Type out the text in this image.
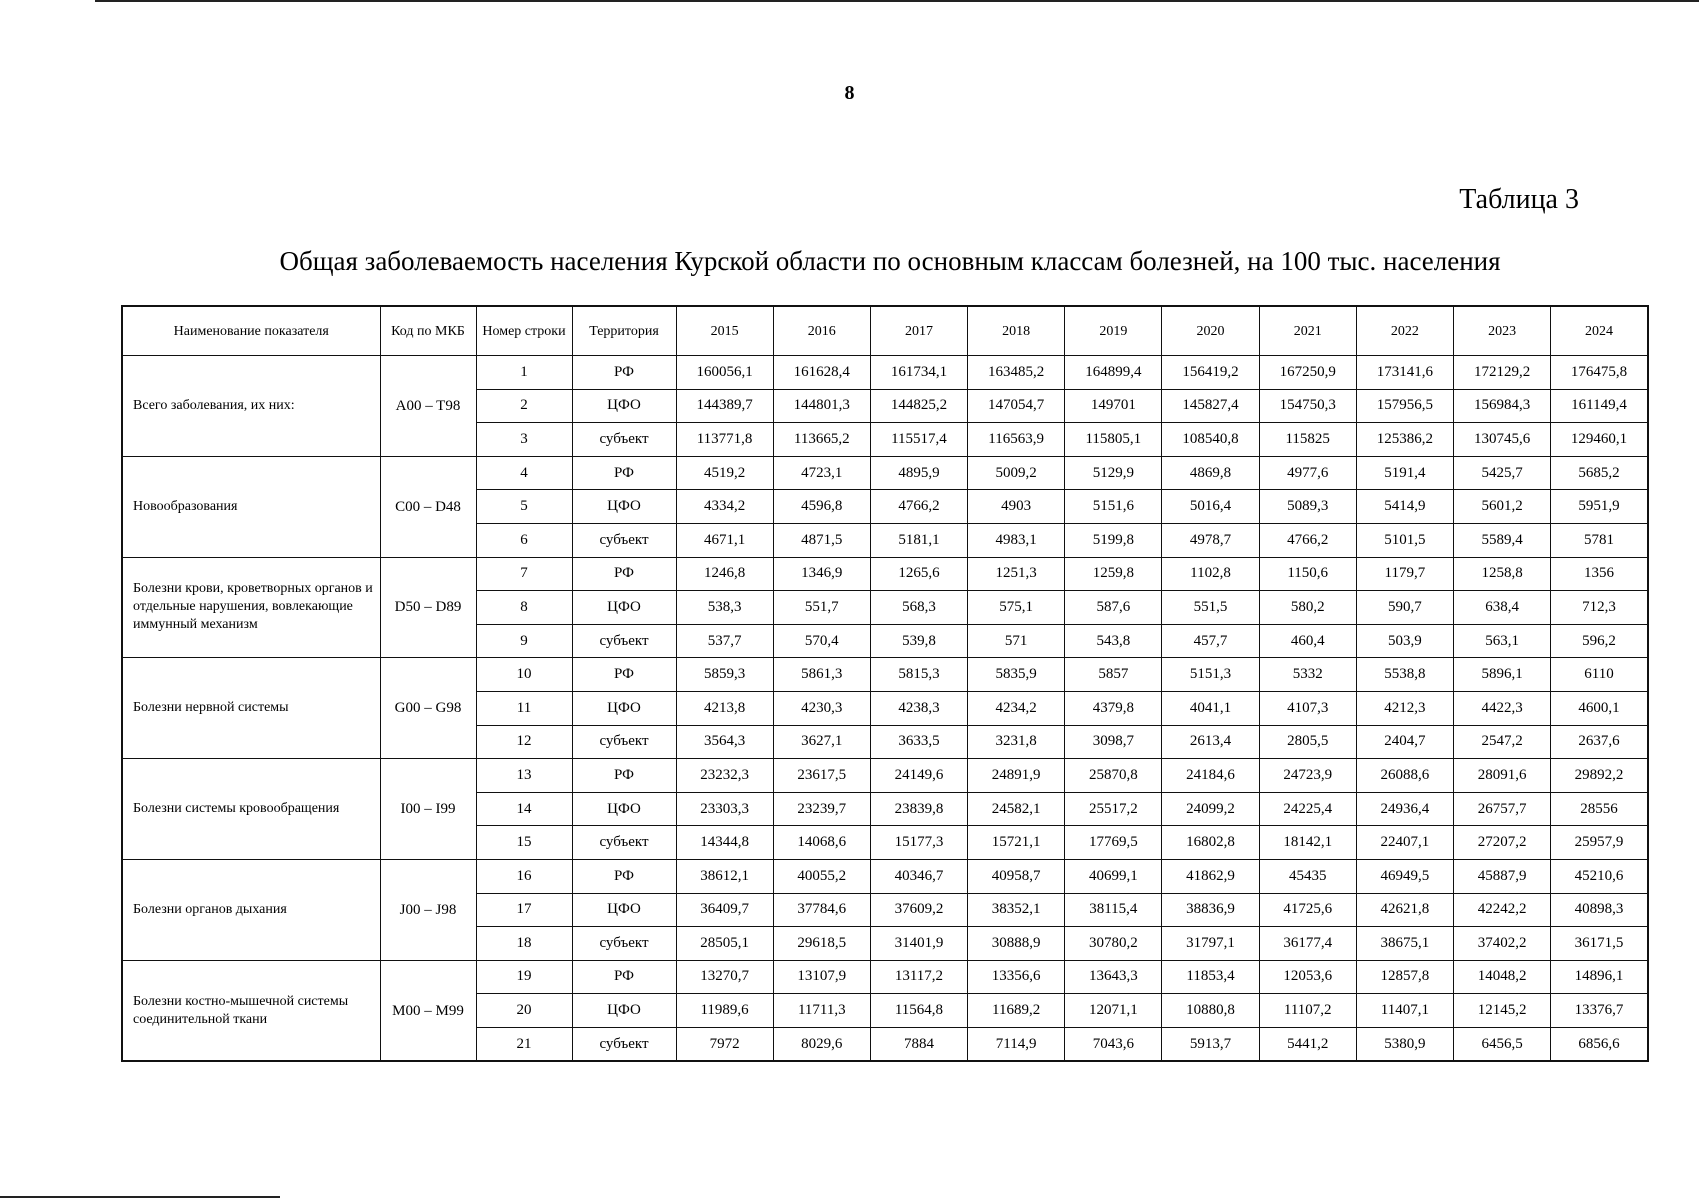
8
Таблица 3
Общая заболеваемость населения Курской области по основным классам болезней, на 100 тыс. населения
Наименование показателя	Код по МКБ	Номер строки	Территория	2015	2016	2017	2018	2019	2020	2021	2022	2023	2024
Всего заболевания, их них:	A00 – T98	1	РФ	160056,1	161628,4	161734,1	163485,2	164899,4	156419,2	167250,9	173141,6	172129,2	176475,8
		2	ЦФО	144389,7	144801,3	144825,2	147054,7	149701	145827,4	154750,3	157956,5	156984,3	161149,4
		3	субъект	113771,8	113665,2	115517,4	116563,9	115805,1	108540,8	115825	125386,2	130745,6	129460,1
Новообразования	C00 – D48	4	РФ	4519,2	4723,1	4895,9	5009,2	5129,9	4869,8	4977,6	5191,4	5425,7	5685,2
		5	ЦФО	4334,2	4596,8	4766,2	4903	5151,6	5016,4	5089,3	5414,9	5601,2	5951,9
		6	субъект	4671,1	4871,5	5181,1	4983,1	5199,8	4978,7	4766,2	5101,5	5589,4	5781
Болезни крови, кроветворных органов и отдельные нарушения, вовлекающие иммунный механизм	D50 – D89	7	РФ	1246,8	1346,9	1265,6	1251,3	1259,8	1102,8	1150,6	1179,7	1258,8	1356
		8	ЦФО	538,3	551,7	568,3	575,1	587,6	551,5	580,2	590,7	638,4	712,3
		9	субъект	537,7	570,4	539,8	571	543,8	457,7	460,4	503,9	563,1	596,2
Болезни нервной системы	G00 – G98	10	РФ	5859,3	5861,3	5815,3	5835,9	5857	5151,3	5332	5538,8	5896,1	6110
		11	ЦФО	4213,8	4230,3	4238,3	4234,2	4379,8	4041,1	4107,3	4212,3	4422,3	4600,1
		12	субъект	3564,3	3627,1	3633,5	3231,8	3098,7	2613,4	2805,5	2404,7	2547,2	2637,6
Болезни системы кровообращения	I00 – I99	13	РФ	23232,3	23617,5	24149,6	24891,9	25870,8	24184,6	24723,9	26088,6	28091,6	29892,2
		14	ЦФО	23303,3	23239,7	23839,8	24582,1	25517,2	24099,2	24225,4	24936,4	26757,7	28556
		15	субъект	14344,8	14068,6	15177,3	15721,1	17769,5	16802,8	18142,1	22407,1	27207,2	25957,9
Болезни органов дыхания	J00 – J98	16	РФ	38612,1	40055,2	40346,7	40958,7	40699,1	41862,9	45435	46949,5	45887,9	45210,6
		17	ЦФО	36409,7	37784,6	37609,2	38352,1	38115,4	38836,9	41725,6	42621,8	42242,2	40898,3
		18	субъект	28505,1	29618,5	31401,9	30888,9	30780,2	31797,1	36177,4	38675,1	37402,2	36171,5
Болезни костно-мышечной системы соединительной ткани	M00 – M99	19	РФ	13270,7	13107,9	13117,2	13356,6	13643,3	11853,4	12053,6	12857,8	14048,2	14896,1
		20	ЦФО	11989,6	11711,3	11564,8	11689,2	12071,1	10880,8	11107,2	11407,1	12145,2	13376,7
		21	субъект	7972	8029,6	7884	7114,9	7043,6	5913,7	5441,2	5380,9	6456,5	6856,6
